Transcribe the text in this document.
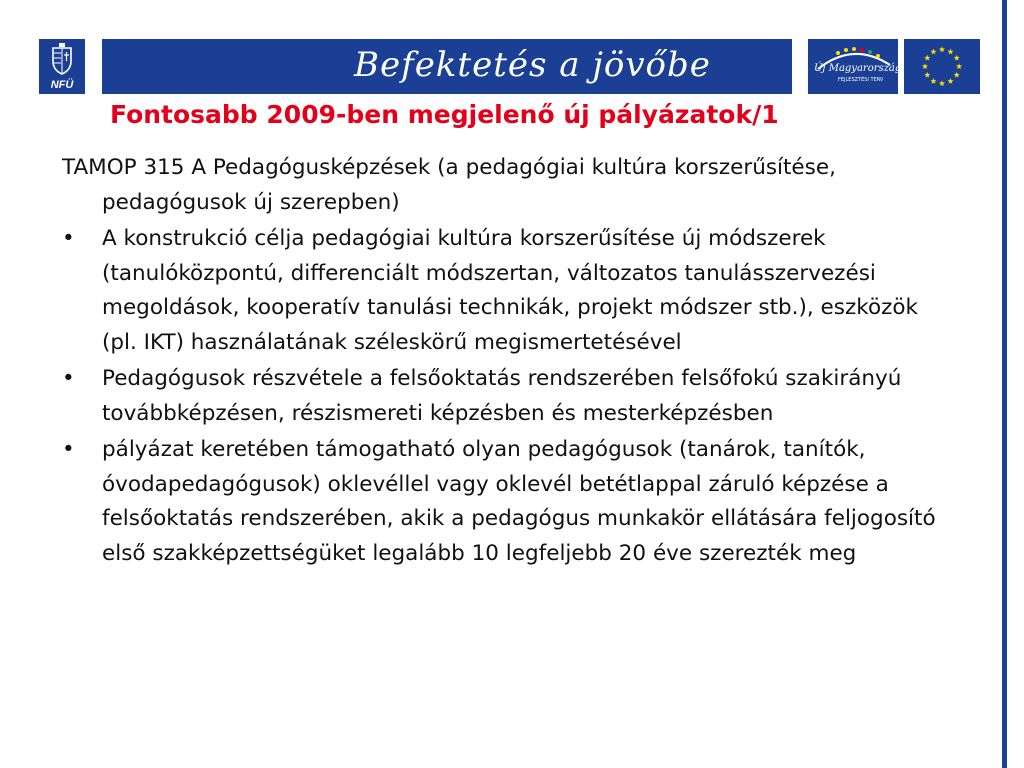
NFÜ	Befektetés a jövőbe	Új Magyarország
FEJLESZTÉSI TERV
Fontosabb 2009-ben megjelenő új pályázatok/1

TAMOP 315 A Pedagógusképzések (a pedagógiai kultúra korszerűsítése, pedagógusok új szerepben)

• A konstrukció célja pedagógiai kultúra korszerűsítése új módszerek (tanulóközpontú, differenciált módszertan, változatos tanulásszervezési megoldások, kooperatív tanulási technikák, projekt módszer stb.), eszközök (pl. IKT) használatának széleskörű megismertetésével
• Pedagógusok részvétele a felsőoktatás rendszerében felsőfokú szakirányú továbbképzésen, részismereti képzésben és mesterképzésben
• pályázat keretében támogatható olyan pedagógusok (tanárok, tanítók, óvodapedagógusok) oklevéllel vagy oklevél betétlappal záruló képzése a felsőoktatás rendszerében, akik a pedagógus munkakör ellátására feljogosító első szakképzettségüket legalább 10 legfeljebb 20 éve szerezték meg
